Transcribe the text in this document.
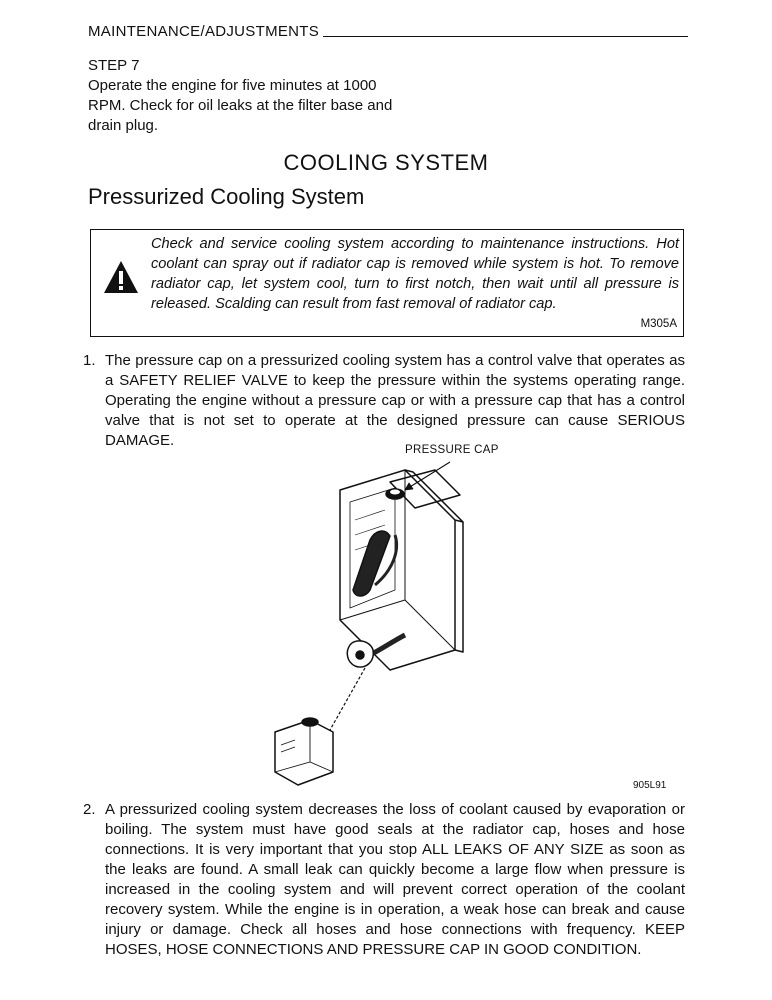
MAINTENANCE/ADJUSTMENTS
STEP 7
Operate the engine for five minutes at 1000 RPM. Check for oil leaks at the filter base and drain plug.
COOLING SYSTEM
Pressurized Cooling System
Check and service cooling system according to maintenance instructions. Hot coolant can spray out if radiator cap is removed while system is hot. To remove radiator cap, let system cool, turn to first notch, then wait until all pressure is released. Scalding can result from fast removal of radiator cap.
M305A
1. The pressure cap on a pressurized cooling system has a control valve that operates as a SAFETY RELIEF VALVE to keep the pressure within the systems operating range. Operating the engine without a pressure cap or with a pressure cap that has a control valve that is not set to operate at the designed pressure can cause SERIOUS DAMAGE.
PRESSURE CAP
905L91
2. A pressurized cooling system decreases the loss of coolant caused by evaporation or boiling. The system must have good seals at the radiator cap, hoses and hose connections. It is very important that you stop ALL LEAKS OF ANY SIZE as soon as the leaks are found. A small leak can quickly become a large flow when pressure is increased in the cooling system and will prevent correct operation of the coolant recovery system. While the engine is in operation, a weak hose can break and cause injury or damage. Check all hoses and hose connections with frequency. KEEP HOSES, HOSE CONNECTIONS AND PRESSURE CAP IN GOOD CONDITION.
